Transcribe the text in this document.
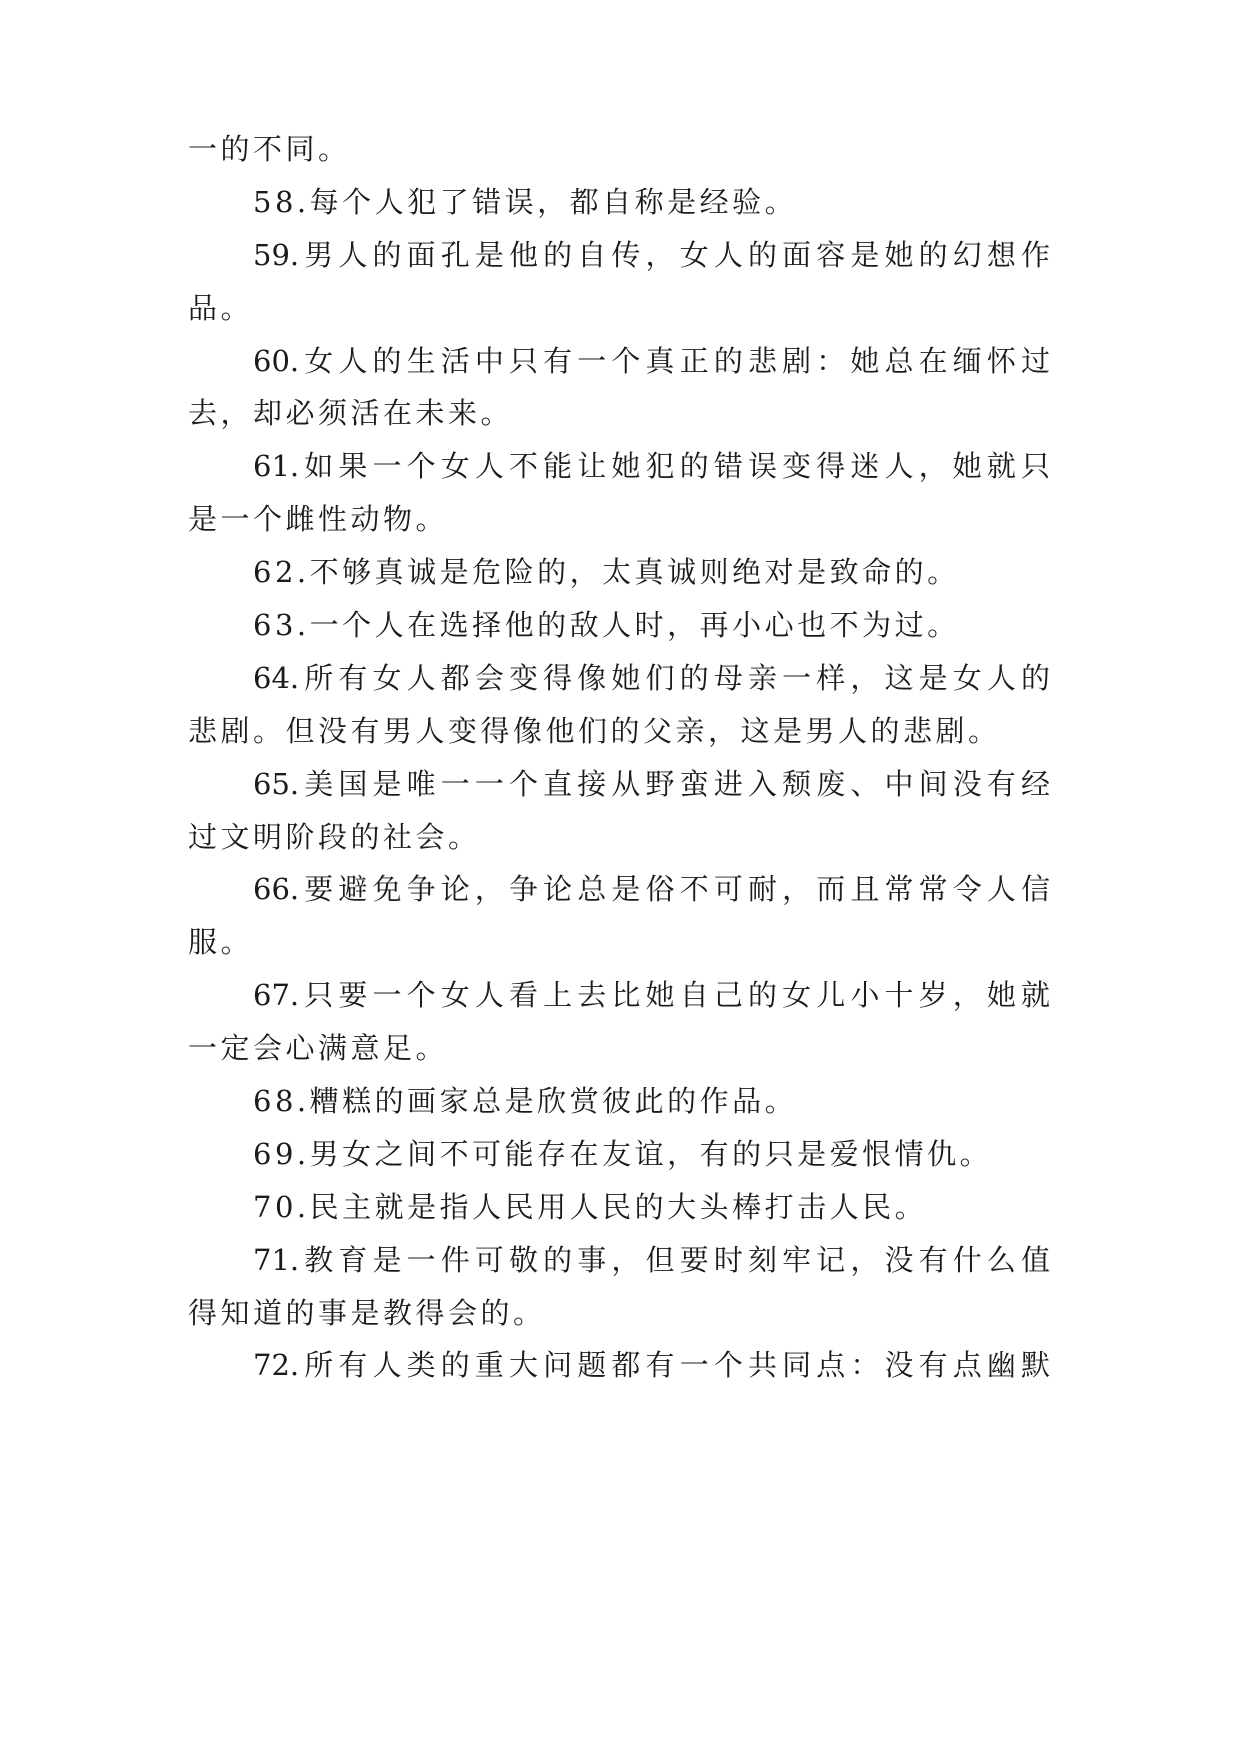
一的不同。
58.每个人犯了错误，都自称是经验。
59.男人的面孔是他的自传，女人的面容是她的幻想作
品。
60.女人的生活中只有一个真正的悲剧：她总在缅怀过
去，却必须活在未来。
61.如果一个女人不能让她犯的错误变得迷人，她就只
是一个雌性动物。
62.不够真诚是危险的，太真诚则绝对是致命的。
63.一个人在选择他的敌人时，再小心也不为过。
64.所有女人都会变得像她们的母亲一样，这是女人的
悲剧。但没有男人变得像他们的父亲，这是男人的悲剧。
65.美国是唯一一个直接从野蛮进入颓废、中间没有经
过文明阶段的社会。
66.要避免争论，争论总是俗不可耐，而且常常令人信
服。
67.只要一个女人看上去比她自己的女儿小十岁，她就
一定会心满意足。
68.糟糕的画家总是欣赏彼此的作品。
69.男女之间不可能存在友谊，有的只是爱恨情仇。
70.民主就是指人民用人民的大头棒打击人民。
71.教育是一件可敬的事，但要时刻牢记，没有什么值
得知道的事是教得会的。
72.所有人类的重大问题都有一个共同点：没有点幽默
